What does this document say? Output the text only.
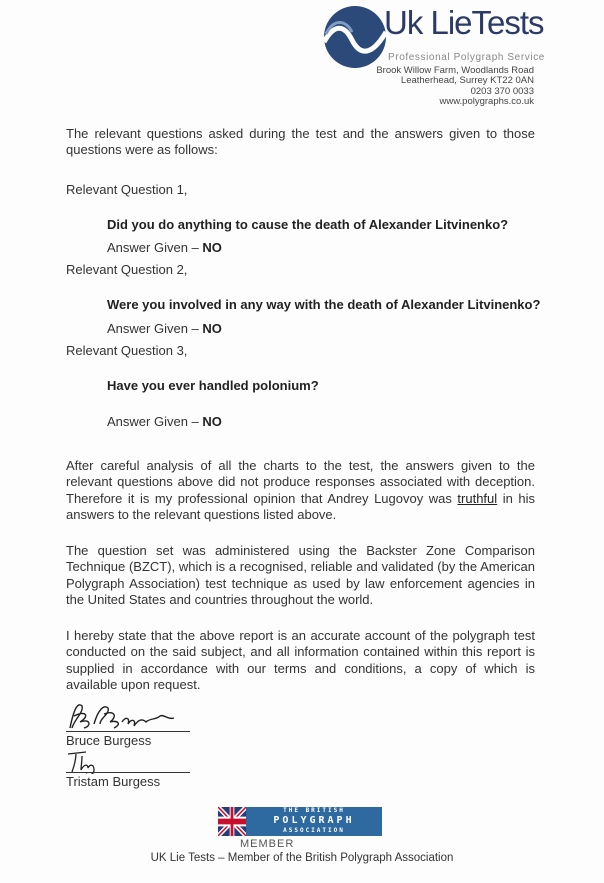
Uk LieTests
Professional Polygraph Service
Brook Willow Farm, Woodlands Road
Leatherhead, Surrey KT22 0AN
0203 370 0033
www.polygraphs.co.uk
The relevant questions asked during the test and the answers given to those questions were as follows:
Relevant Question 1,
Did you do anything to cause the death of Alexander Litvinenko?
Answer Given – NO
Relevant Question 2,
Were you involved in any way with the death of Alexander Litvinenko?
Answer Given – NO
Relevant Question 3,
Have you ever handled polonium?
Answer Given – NO
After careful analysis of all the charts to the test, the answers given to the relevant questions above did not produce responses associated with deception. Therefore it is my professional opinion that Andrey Lugovoy was truthful in his answers to the relevant questions listed above.
The question set was administered using the Backster Zone Comparison Technique (BZCT), which is a recognised, reliable and validated (by the American Polygraph Association) test technique as used by law enforcement agencies in the United States and countries throughout the world.
I hereby state that the above report is an accurate account of the polygraph test conducted on the said subject, and all information contained within this report is supplied in accordance with our terms and conditions, a copy of which is available upon request.
Bruce Burgess
Tristam Burgess
THE BRITISH
POLYGRAPH
ASSOCIATION
MEMBER
UK Lie Tests – Member of the British Polygraph Association
